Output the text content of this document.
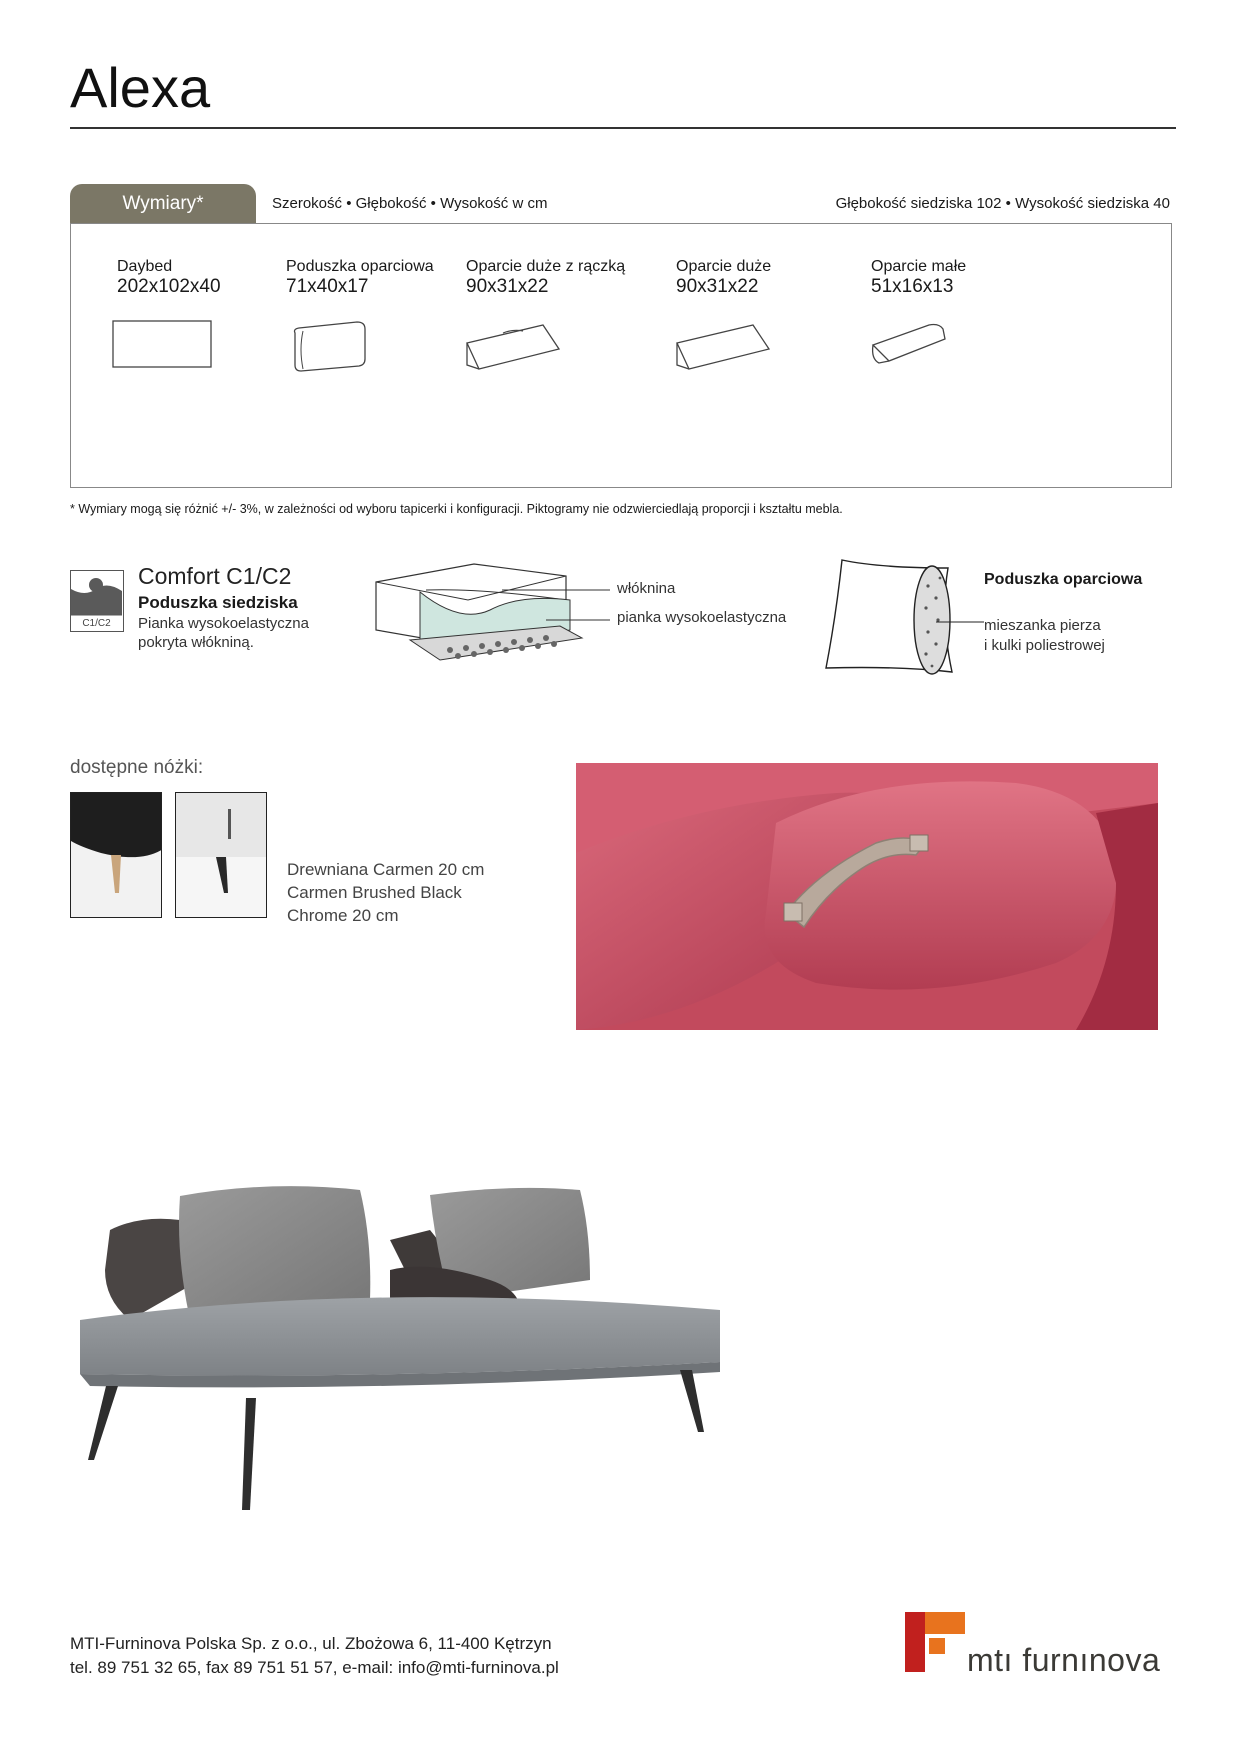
Alexa
Wymiary*	Szerokość • Głębokość • Wysokość w cm	Głębokość siedziska 102 • Wysokość siedziska 40
Daybed
202x102x40
Poduszka oparciowa
71x40x17
Oparcie duże z rączką
90x31x22
Oparcie duże
90x31x22
Oparcie małe
51x16x13
* Wymiary mogą się różnić +/- 3%, w zależności od wyboru tapicerki i konfiguracji. Piktogramy nie odzwierciedlają proporcji i kształtu mebla.
C1/C2
Comfort C1/C2
Poduszka siedziska
Pianka wysokoelastyczna
pokryta włókniną.
włóknina
pianka wysokoelastyczna
Poduszka oparciowa
mieszanka pierza
i kulki poliestrowej
dostępne nóżki:
Drewniana Carmen 20 cm
Carmen Brushed Black
Chrome 20 cm
MTI-Furninova Polska Sp. z o.o., ul. Zbożowa 6, 11-400 Kętrzyn
tel. 89 751 32 65, fax 89 751 51 57, e-mail: info@mti-furninova.pl	mtı furnınova
